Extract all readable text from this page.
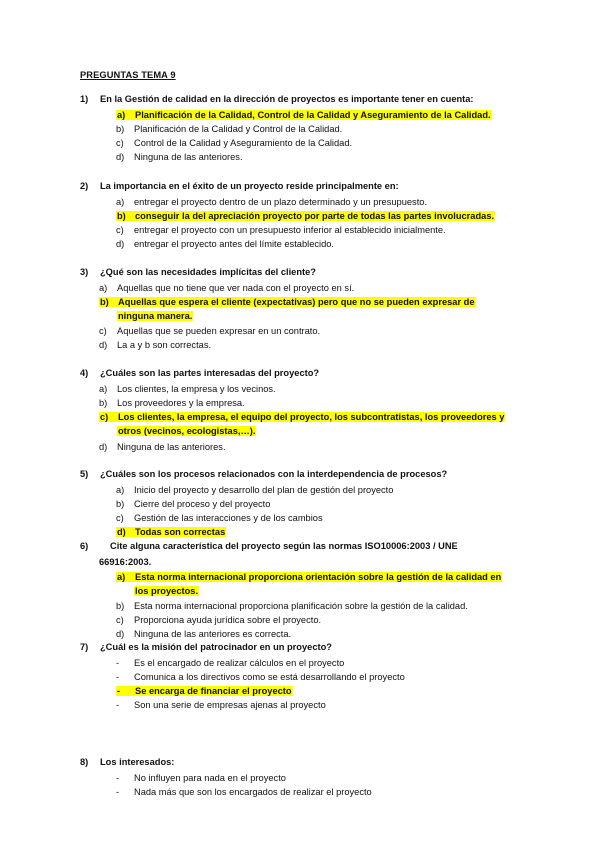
PREGUNTAS TEMA 9
1)	En la Gestión de calidad en la dirección de proyectos es importante tener en cuenta:
a) Planificación de la Calidad, Control de la Calidad y Aseguramiento de la Calidad.
b) Planificación de la Calidad y Control de la Calidad.
c) Control de la Calidad y Aseguramiento de la Calidad.
d) Ninguna de las anteriores.
2)	La importancia en el éxito de un proyecto reside principalmente en:
a) entregar el proyecto dentro de un plazo determinado y un presupuesto.
b) conseguir la del apreciación proyecto por parte de todas las partes involucradas.
c) entregar el proyecto con un presupuesto inferior al establecido inicialmente.
d) entregar el proyecto antes del límite establecido.
3)	¿Qué son las necesidades implícitas del cliente?
a) Aquellas que no tiene que ver nada con el proyecto en sí.
b) Aquellas que espera el cliente (expectativas) pero que no se pueden expresar de
ninguna manera.
c) Aquellas que se pueden expresar en un contrato.
d) La a y b son correctas.
4)	¿Cuáles son las partes interesadas del proyecto?
a) Los clientes, la empresa y los vecinos.
b) Los proveedores y la empresa.
c) Los clientes, la empresa, el equipo del proyecto, los subcontratistas, los proveedores y
otros (vecinos, ecologistas,…).
d) Ninguna de las anteriores.
5)	¿Cuáles son los procesos relacionados con la interdependencia de procesos?
a) Inicio del proyecto y desarrollo del plan de gestión del proyecto
b) Cierre del proceso y del proyecto
c) Gestión de las interacciones y de los cambios
d) Todas son correctas
6)	Cite alguna característica del proyecto según las normas ISO10006:2003 / UNE
66916:2003.
a) Esta norma internacional proporciona orientación sobre la gestión de la calidad en
los proyectos.
b) Esta norma internacional proporciona planificación sobre la gestión de la calidad.
c) Proporciona ayuda jurídica sobre el proyecto.
d) Ninguna de las anteriores es correcta.
7)	¿Cuál es la misión del patrocinador en un proyecto?
- Es el encargado de realizar cálculos en el proyecto
- Comunica a los directivos como se está desarrollando el proyecto
- Se encarga de financiar el proyecto
- Son una serie de empresas ajenas al proyecto
8)	Los interesados:
- No influyen para nada en el proyecto
- Nada más que son los encargados de realizar el proyecto
